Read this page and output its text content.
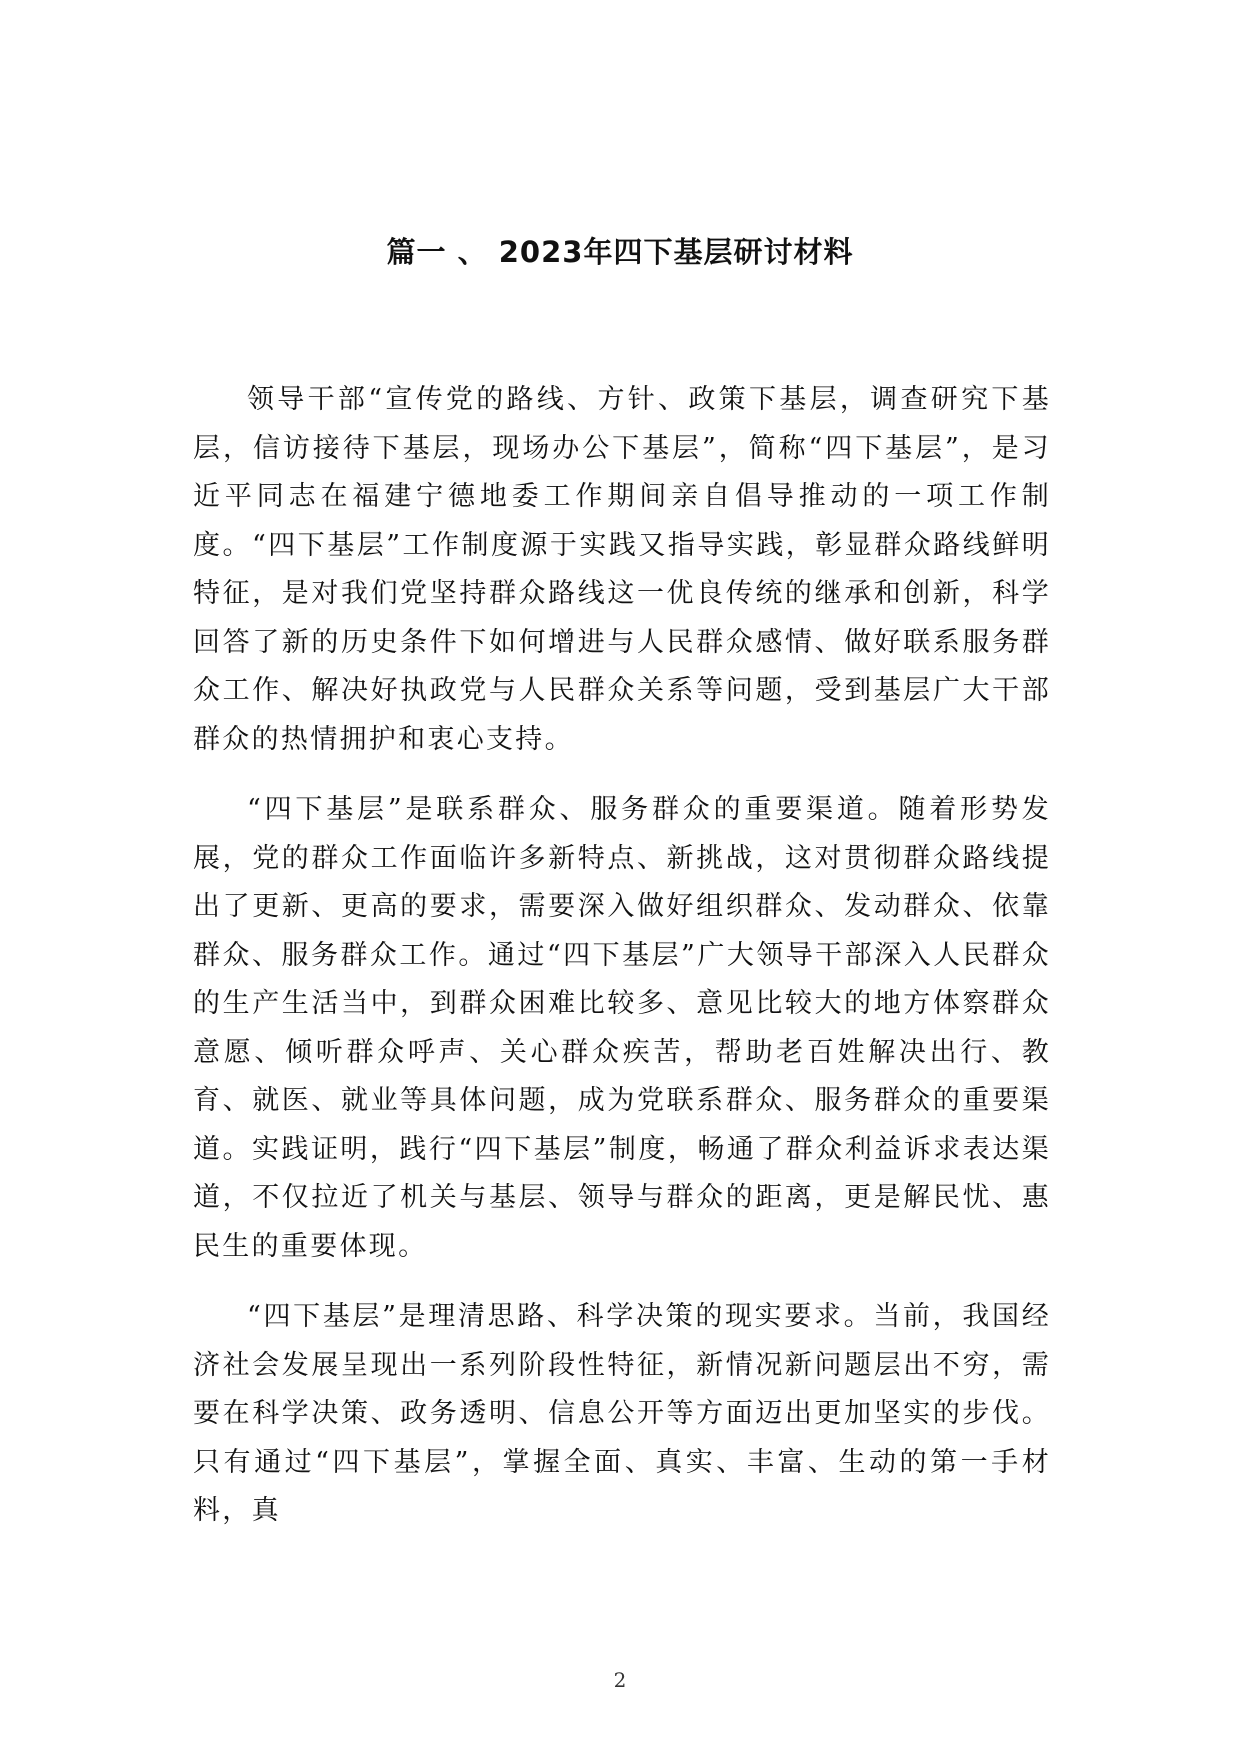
篇一 、 2023年四下基层研讨材料

领导干部“宣传党的路线、方针、政策下基层，调查研究下基层，信访接待下基层，现场办公下基层”，简称“四下基层”，是习近平同志在福建宁德地委工作期间亲自倡导推动的一项工作制度。“四下基层”工作制度源于实践又指导实践，彰显群众路线鲜明特征，是对我们党坚持群众路线这一优良传统的继承和创新，科学回答了新的历史条件下如何增进与人民群众感情、做好联系服务群众工作、解决好执政党与人民群众关系等问题，受到基层广大干部群众的热情拥护和衷心支持。

“四下基层”是联系群众、服务群众的重要渠道。随着形势发展，党的群众工作面临许多新特点、新挑战，这对贯彻群众路线提出了更新、更高的要求，需要深入做好组织群众、发动群众、依靠群众、服务群众工作。通过“四下基层”广大领导干部深入人民群众的生产生活当中，到群众困难比较多、意见比较大的地方体察群众意愿、倾听群众呼声、关心群众疾苦，帮助老百姓解决出行、教育、就医、就业等具体问题，成为党联系群众、服务群众的重要渠道。实践证明，践行“四下基层”制度，畅通了群众利益诉求表达渠道，不仅拉近了机关与基层、领导与群众的距离，更是解民忧、惠民生的重要体现。

“四下基层”是理清思路、科学决策的现实要求。当前，我国经济社会发展呈现出一系列阶段性特征，新情况新问题层出不穷，需要在科学决策、政务透明、信息公开等方面迈出更加坚实的步伐。只有通过“四下基层”，掌握全面、真实、丰富、生动的第一手材料，真

2
